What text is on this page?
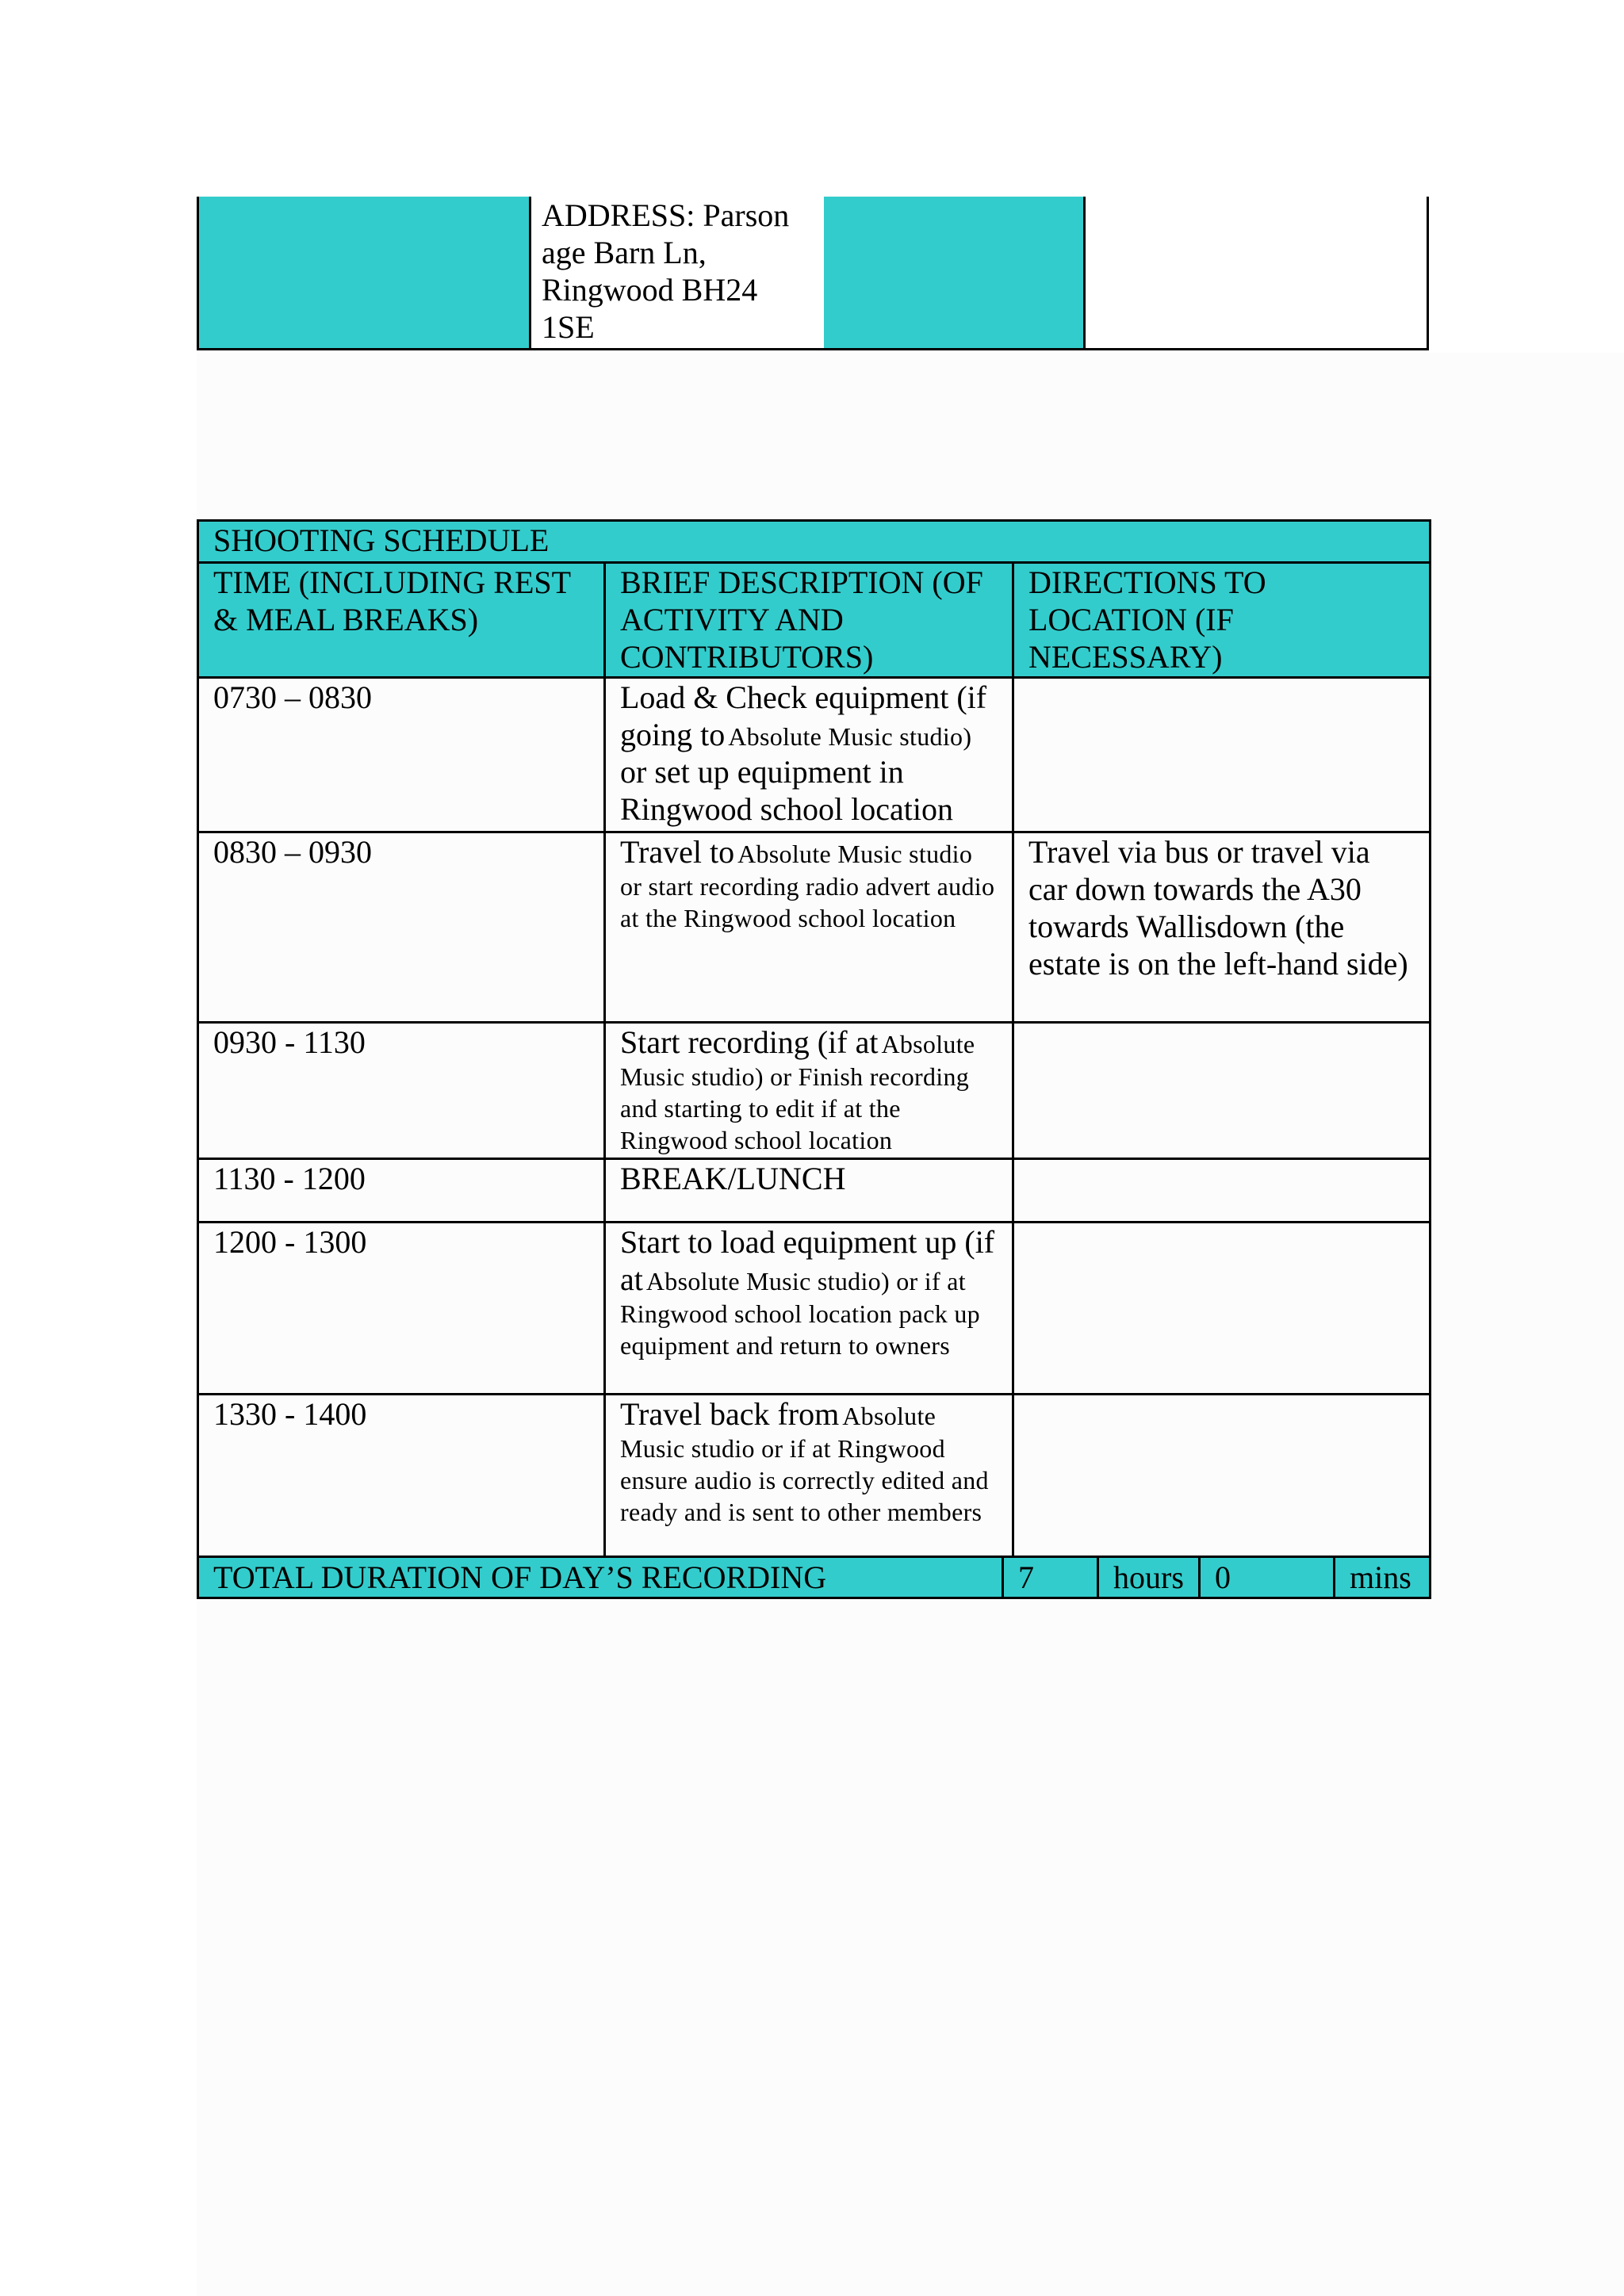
ADDRESS: Parson
age Barn Ln,
Ringwood BH24
1SE
SHOOTING SCHEDULE		
TIME (INCLUDING REST & MEAL BREAKS)	BRIEF DESCRIPTION (OF ACTIVITY AND CONTRIBUTORS)	DIRECTIONS TO LOCATION (IF NECESSARY)
0730 – 0830	Load & Check equipment (if going to Absolute Music studio) or set up equipment in Ringwood school location	
0830 – 0930	Travel to Absolute Music studio or start recording radio advert audio at the Ringwood school location	Travel via bus or travel via car down towards the A30 towards Wallisdown (the estate is on the left-hand side)
0930 - 1130	Start recording (if at Absolute Music studio) or Finish recording and starting to edit if at the Ringwood school location	
1130 - 1200	BREAK/LUNCH	
1200 - 1300	Start to load equipment up (if at Absolute Music studio) or if at Ringwood school location pack up equipment and return to owners	
1330 - 1400	Travel back from Absolute Music studio or if at Ringwood ensure audio is correctly edited and ready and is sent to other members	
TOTAL DURATION OF DAY’S RECORDING	7	hours	0	mins
